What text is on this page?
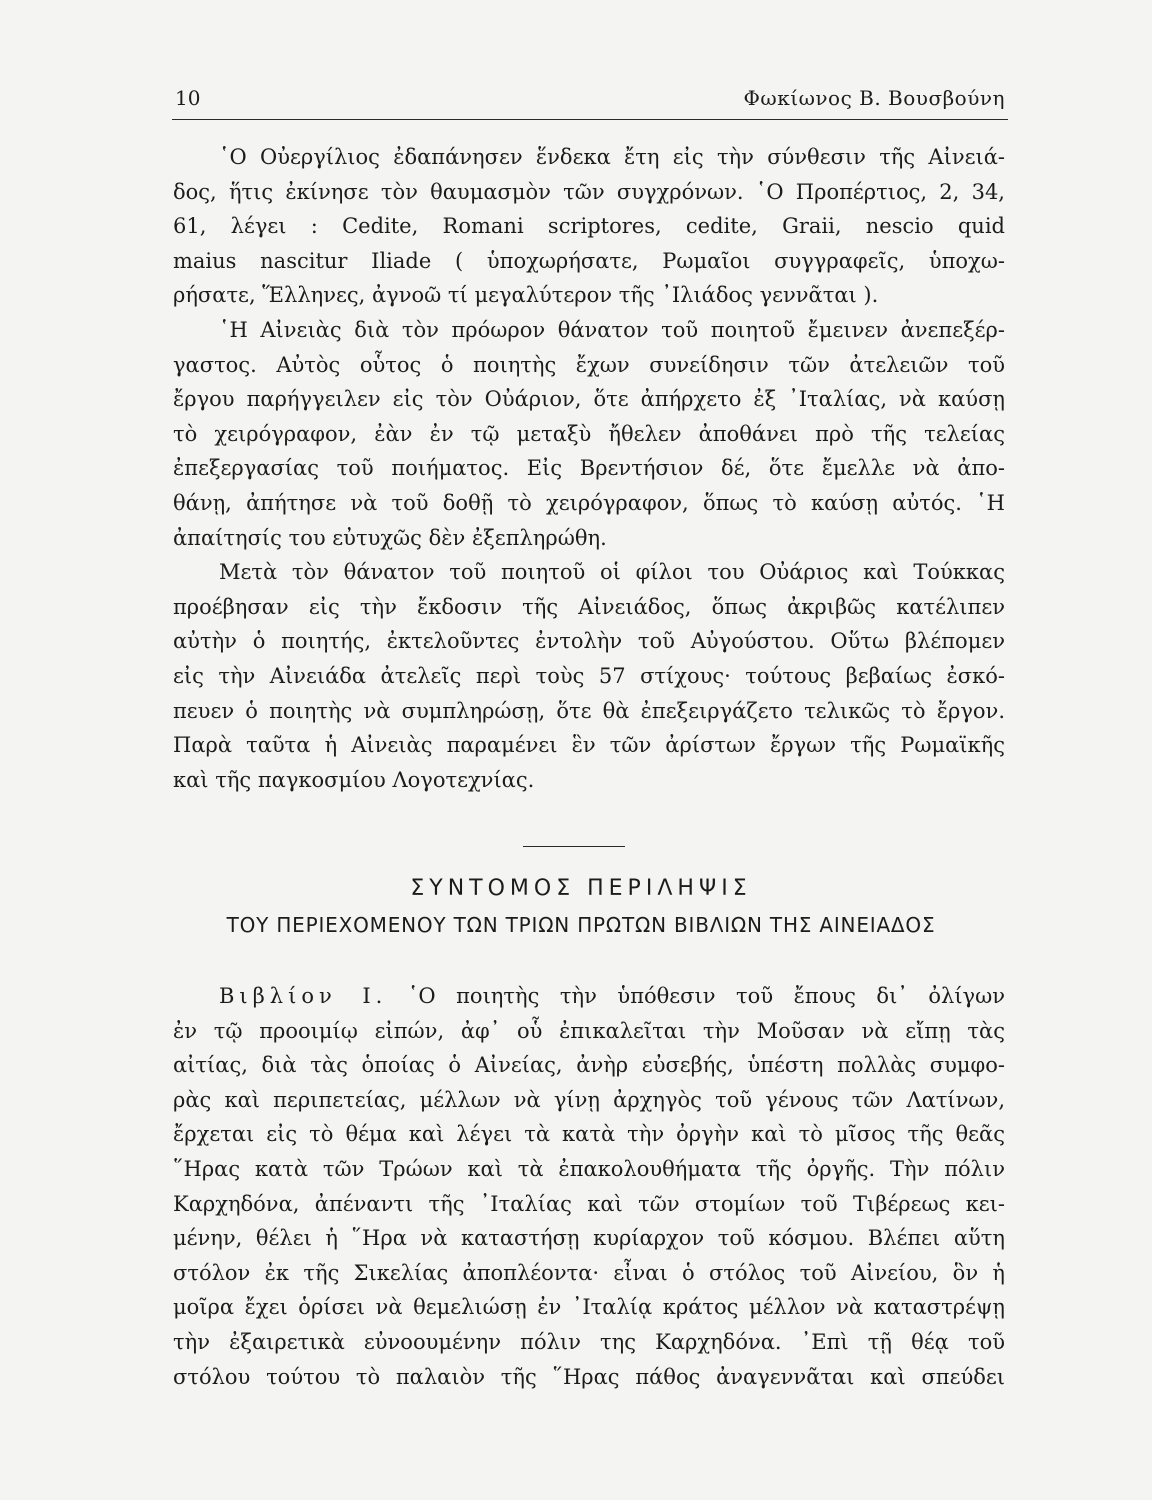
10	Φωκίωνος Β. Βουσβούνη
῾Ο Οὐεργίλιος ἐδαπάνησεν ἕνδεκα ἔτη εἰς τὴν σύνθεσιν τῆς Αἰνειά-
δος, ἥτις ἐκίνησε τὸν θαυμασμὸν τῶν συγχρόνων. ῾Ο Προπέρτιος, 2, 34,
61, λέγει : Cedite, Romani scriptores, cedite, Graii, nescio quid
maius nascitur Iliade ( ὑποχωρήσατε, Ρωμαῖοι συγγραφεῖς, ὑποχω-
ρήσατε, Ἕλληνες, ἀγνοῶ τί μεγαλύτερον τῆς ᾿Ιλιάδος γεννᾶται ).
῾Η Αἰνειὰς διὰ τὸν πρόωρον θάνατον τοῦ ποιητοῦ ἔμεινεν ἀνεπεξέρ-
γαστος. Αὐτὸς οὗτος ὁ ποιητὴς ἔχων συνείδησιν τῶν ἀτελειῶν τοῦ
ἔργου παρήγγειλεν εἰς τὸν Οὐάριον, ὅτε ἀπήρχετο ἐξ ᾿Ιταλίας, νὰ καύσῃ
τὸ χειρόγραφον, ἐὰν ἐν τῷ μεταξὺ ἤθελεν ἀποθάνει πρὸ τῆς τελείας
ἐπεξεργασίας τοῦ ποιήματος. Εἰς Βρεντήσιον δέ, ὅτε ἔμελλε νὰ ἀπο-
θάνῃ, ἀπήτησε νὰ τοῦ δοθῇ τὸ χειρόγραφον, ὅπως τὸ καύσῃ αὐτός. ῾Η
ἀπαίτησίς του εὐτυχῶς δὲν ἐξεπληρώθη.
Μετὰ τὸν θάνατον τοῦ ποιητοῦ οἱ φίλοι του Οὐάριος καὶ Τούκκας
προέβησαν εἰς τὴν ἔκδοσιν τῆς Αἰνειάδος, ὅπως ἀκριβῶς κατέλιπεν
αὐτὴν ὁ ποιητής, ἐκτελοῦντες ἐντολὴν τοῦ Αὐγούστου. Οὕτω βλέπομεν
εἰς τὴν Αἰνειάδα ἀτελεῖς περὶ τοὺς 57 στίχους· τούτους βεβαίως ἐσκό-
πευεν ὁ ποιητὴς νὰ συμπληρώσῃ, ὅτε θὰ ἐπεξειργάζετο τελικῶς τὸ ἔργον.
Παρὰ ταῦτα ἡ Αἰνειὰς παραμένει ἓν τῶν ἀρίστων ἔργων τῆς Ρωμαϊκῆς
καὶ τῆς παγκοσμίου Λογοτεχνίας.
ΣΥΝΤΟΜΟΣ ΠΕΡΙΛΗΨΙΣ
ΤΟΥ ΠΕΡΙΕΧΟΜΕΝΟΥ ΤΩΝ ΤΡΙΩΝ ΠΡΩΤΩΝ ΒΙΒΛΙΩΝ ΤΗΣ ΑΙΝΕΙΑΔΟΣ
Βιβλίον Ι. ῾Ο ποιητὴς τὴν ὑπόθεσιν τοῦ ἔπους δι᾿ ὀλίγων
ἐν τῷ προοιμίῳ εἰπών, ἀφ᾿ οὗ ἐπικαλεῖται τὴν Μοῦσαν νὰ εἴπῃ τὰς
αἰτίας, διὰ τὰς ὁποίας ὁ Αἰνείας, ἀνὴρ εὐσεβής, ὑπέστη πολλὰς συμφο-
ρὰς καὶ περιπετείας, μέλλων νὰ γίνῃ ἀρχηγὸς τοῦ γένους τῶν Λατίνων,
ἔρχεται εἰς τὸ θέμα καὶ λέγει τὰ κατὰ τὴν ὀργὴν καὶ τὸ μῖσος τῆς θεᾶς
῞Ηρας κατὰ τῶν Τρώων καὶ τὰ ἐπακολουθήματα τῆς ὀργῆς. Τὴν πόλιν
Καρχηδόνα, ἀπέναντι τῆς ᾿Ιταλίας καὶ τῶν στομίων τοῦ Τιβέρεως κει-
μένην, θέλει ἡ ῞Ηρα νὰ καταστήσῃ κυρίαρχον τοῦ κόσμου. Βλέπει αὕτη
στόλον ἐκ τῆς Σικελίας ἀποπλέοντα· εἶναι ὁ στόλος τοῦ Αἰνείου, ὃν ἡ
μοῖρα ἔχει ὁρίσει νὰ θεμελιώσῃ ἐν ᾿Ιταλίᾳ κράτος μέλλον νὰ καταστρέψῃ
τὴν ἐξαιρετικὰ εὐνοουμένην πόλιν της Καρχηδόνα. ᾿Επὶ τῇ θέᾳ τοῦ
στόλου τούτου τὸ παλαιὸν τῆς ῞Ηρας πάθος ἀναγεννᾶται καὶ σπεύδει
